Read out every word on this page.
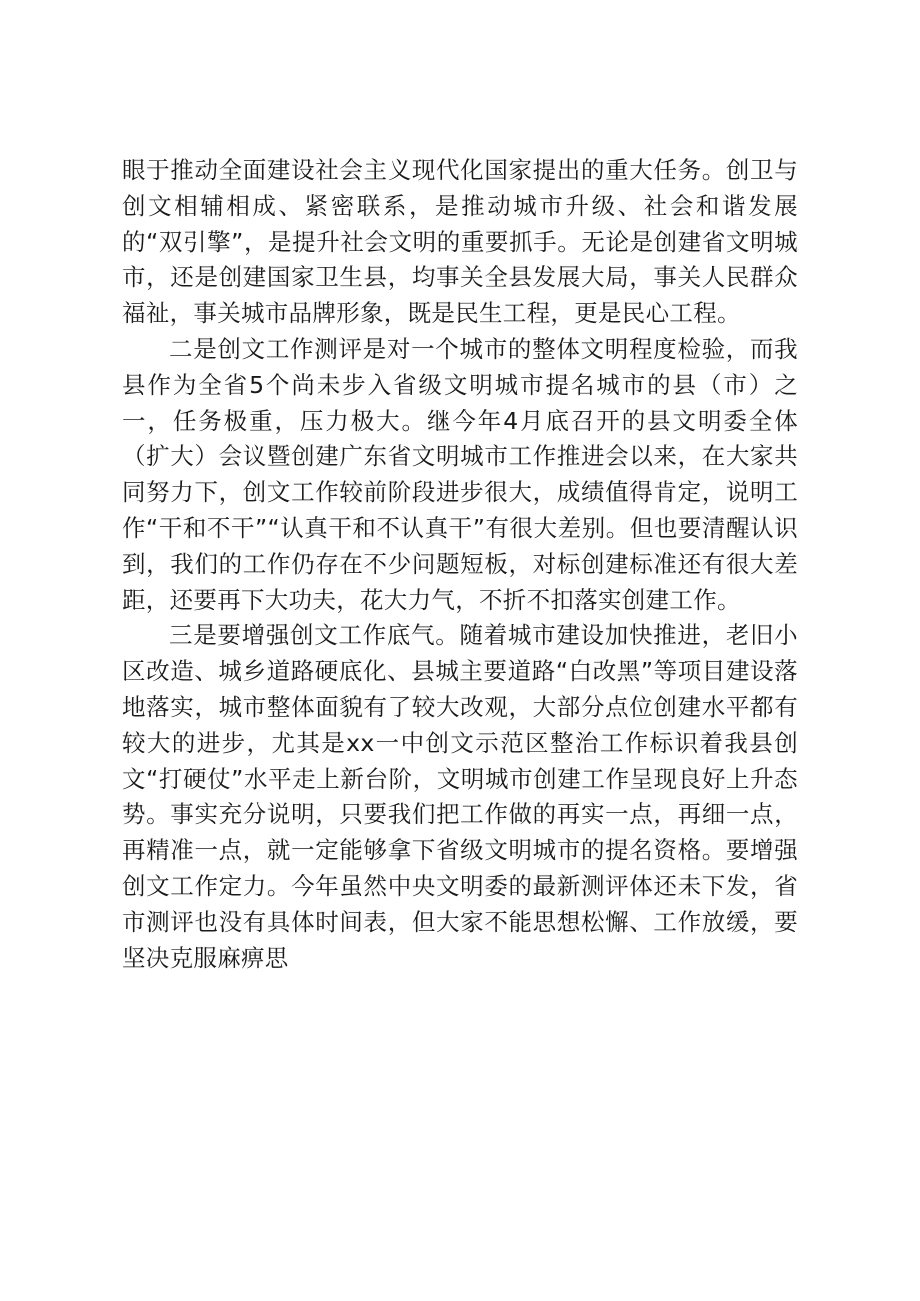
眼于推动全面建设社会主义现代化国家提出的重大任务。创卫与创文相辅相成、紧密联系，是推动城市升级、社会和谐发展的“双引擎”，是提升社会文明的重要抓手。无论是创建省文明城市，还是创建国家卫生县，均事关全县发展大局，事关人民群众福祉，事关城市品牌形象，既是民生工程，更是民心工程。

二是创文工作测评是对一个城市的整体文明程度检验，而我县作为全省5个尚未步入省级文明城市提名城市的县（市）之一，任务极重，压力极大。继今年4月底召开的县文明委全体（扩大）会议暨创建广东省文明城市工作推进会以来，在大家共同努力下，创文工作较前阶段进步很大，成绩值得肯定，说明工作“干和不干”“认真干和不认真干”有很大差别。但也要清醒认识到，我们的工作仍存在不少问题短板，对标创建标准还有很大差距，还要再下大功夫，花大力气，不折不扣落实创建工作。

三是要增强创文工作底气。随着城市建设加快推进，老旧小区改造、城乡道路硬底化、县城主要道路“白改黑”等项目建设落地落实，城市整体面貌有了较大改观，大部分点位创建水平都有较大的进步，尤其是xx一中创文示范区整治工作标识着我县创文“打硬仗”水平走上新台阶，文明城市创建工作呈现良好上升态势。事实充分说明，只要我们把工作做的再实一点，再细一点，再精准一点，就一定能够拿下省级文明城市的提名资格。要增强创文工作定力。今年虽然中央文明委的最新测评体还未下发，省市测评也没有具体时间表，但大家不能思想松懈、工作放缓，要坚决克服麻痹思
